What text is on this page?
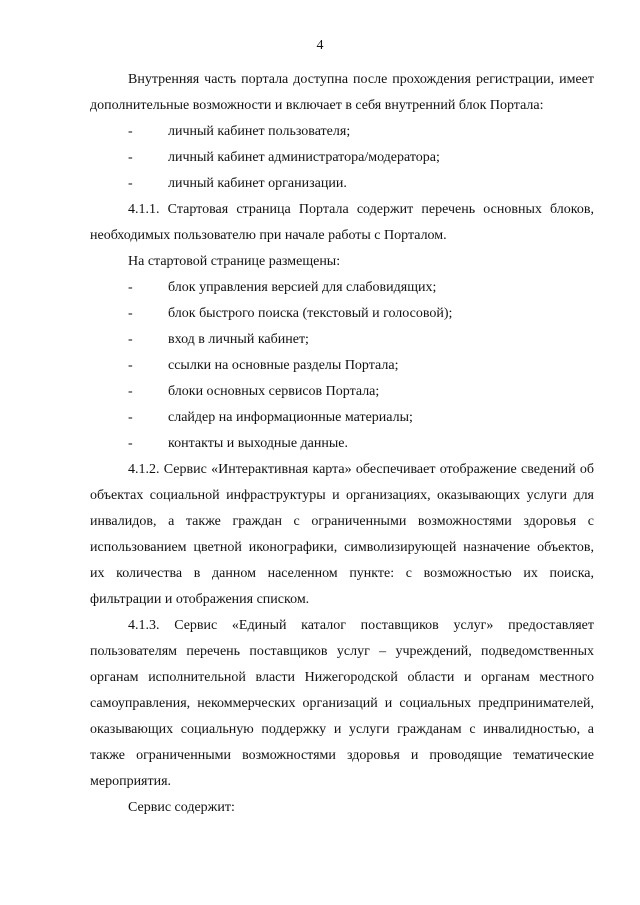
4

Внутренняя часть портала доступна после прохождения регистрации, имеет дополнительные возможности и включает в себя внутренний блок Портала:

-	личный кабинет пользователя;
-	личный кабинет администратора/модератора;
-	личный кабинет организации.

4.1.1. Стартовая страница Портала содержит перечень основных блоков, необходимых пользователю при начале работы с Порталом.

На стартовой странице размещены:

-	блок управления версией для слабовидящих;
-	блок быстрого поиска (текстовый и голосовой);
-	вход в личный кабинет;
-	ссылки на основные разделы Портала;
-	блоки основных сервисов Портала;
-	слайдер на информационные материалы;
-	контакты и выходные данные.

4.1.2. Сервис «Интерактивная карта» обеспечивает отображение сведений об объектах социальной инфраструктуры и организациях, оказывающих услуги для инвалидов, а также граждан с ограниченными возможностями здоровья с использованием цветной иконографики, символизирующей назначение объектов, их количества в данном населенном пункте: с возможностью их поиска, фильтрации и отображения списком.

4.1.3. Сервис «Единый каталог поставщиков услуг» предоставляет пользователям перечень поставщиков услуг – учреждений, подведомственных органам исполнительной власти Нижегородской области и органам местного самоуправления, некоммерческих организаций и социальных предпринимателей, оказывающих социальную поддержку и услуги гражданам с инвалидностью, а также ограниченными возможностями здоровья и проводящие тематические мероприятия.

Сервис содержит:
